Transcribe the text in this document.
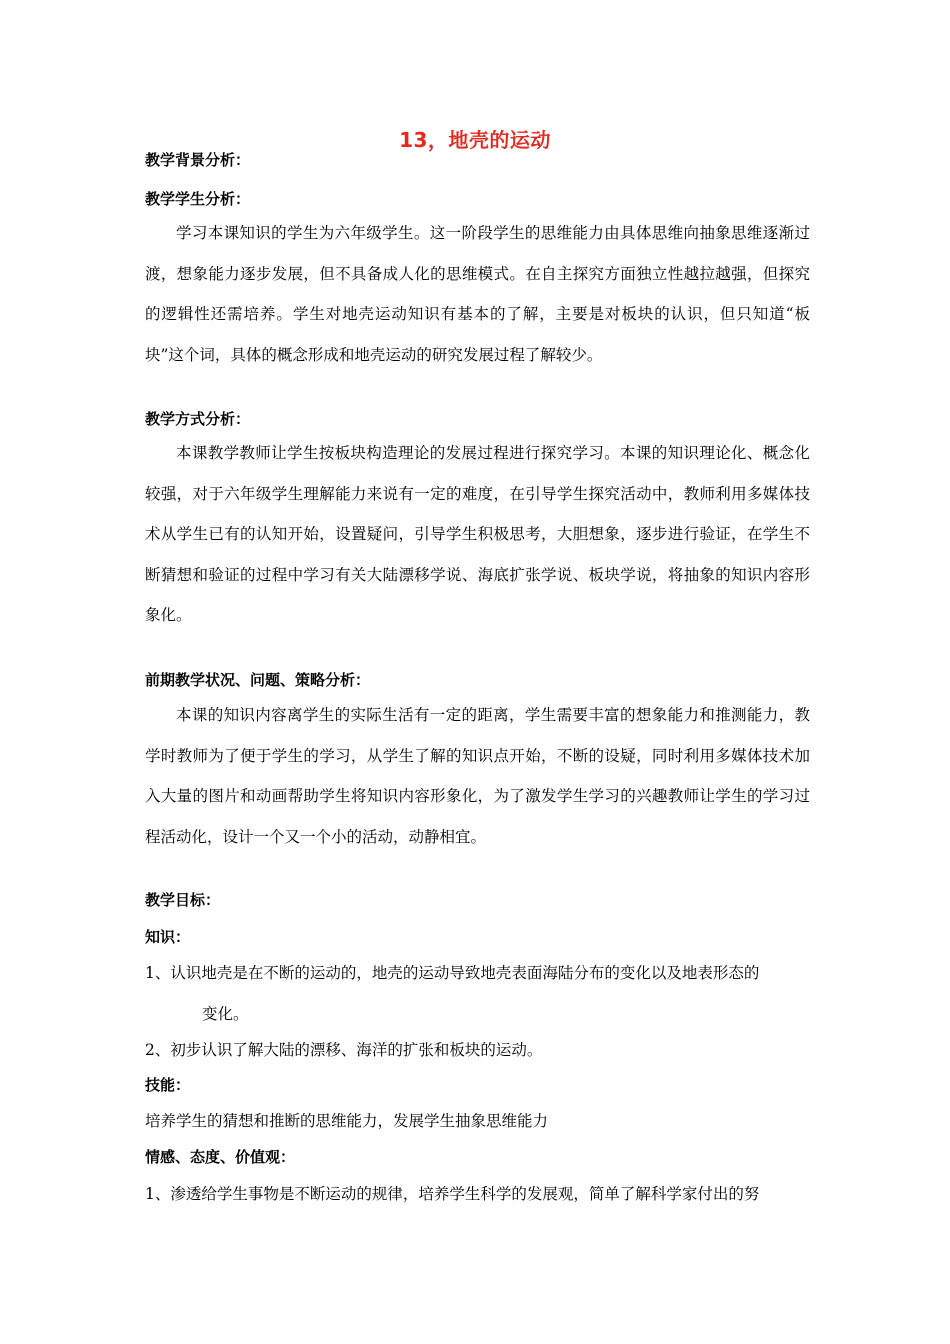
13，地壳的运动
教学背景分析：
教学学生分析：

学习本课知识的学生为六年级学生。这一阶段学生的思维能力由具体思维向抽象思维逐渐过渡，想象能力逐步发展，但不具备成人化的思维模式。在自主探究方面独立性越拉越强，但探究的逻辑性还需培养。学生对地壳运动知识有基本的了解，主要是对板块的认识，但只知道“板块”这个词，具体的概念形成和地壳运动的研究发展过程了解较少。

教学方式分析：

本课教学教师让学生按板块构造理论的发展过程进行探究学习。本课的知识理论化、概念化较强，对于六年级学生理解能力来说有一定的难度，在引导学生探究活动中，教师利用多媒体技术从学生已有的认知开始，设置疑问，引导学生积极思考，大胆想象，逐步进行验证，在学生不断猜想和验证的过程中学习有关大陆漂移学说、海底扩张学说、板块学说，将抽象的知识内容形象化。

前期教学状况、问题、策略分析：

本课的知识内容离学生的实际生活有一定的距离，学生需要丰富的想象能力和推测能力，教学时教师为了便于学生的学习，从学生了解的知识点开始，不断的设疑，同时利用多媒体技术加入大量的图片和动画帮助学生将知识内容形象化，为了激发学生学习的兴趣教师让学生的学习过程活动化，设计一个又一个小的活动，动静相宜。

教学目标：
知识：
1、认识地壳是在不断的运动的，地壳的运动导致地壳表面海陆分布的变化以及地表形态的
变化。
2、初步认识了解大陆的漂移、海洋的扩张和板块的运动。
技能：
培养学生的猜想和推断的思维能力，发展学生抽象思维能力
情感、态度、价值观：
1、渗透给学生事物是不断运动的规律，培养学生科学的发展观，简单了解科学家付出的努
